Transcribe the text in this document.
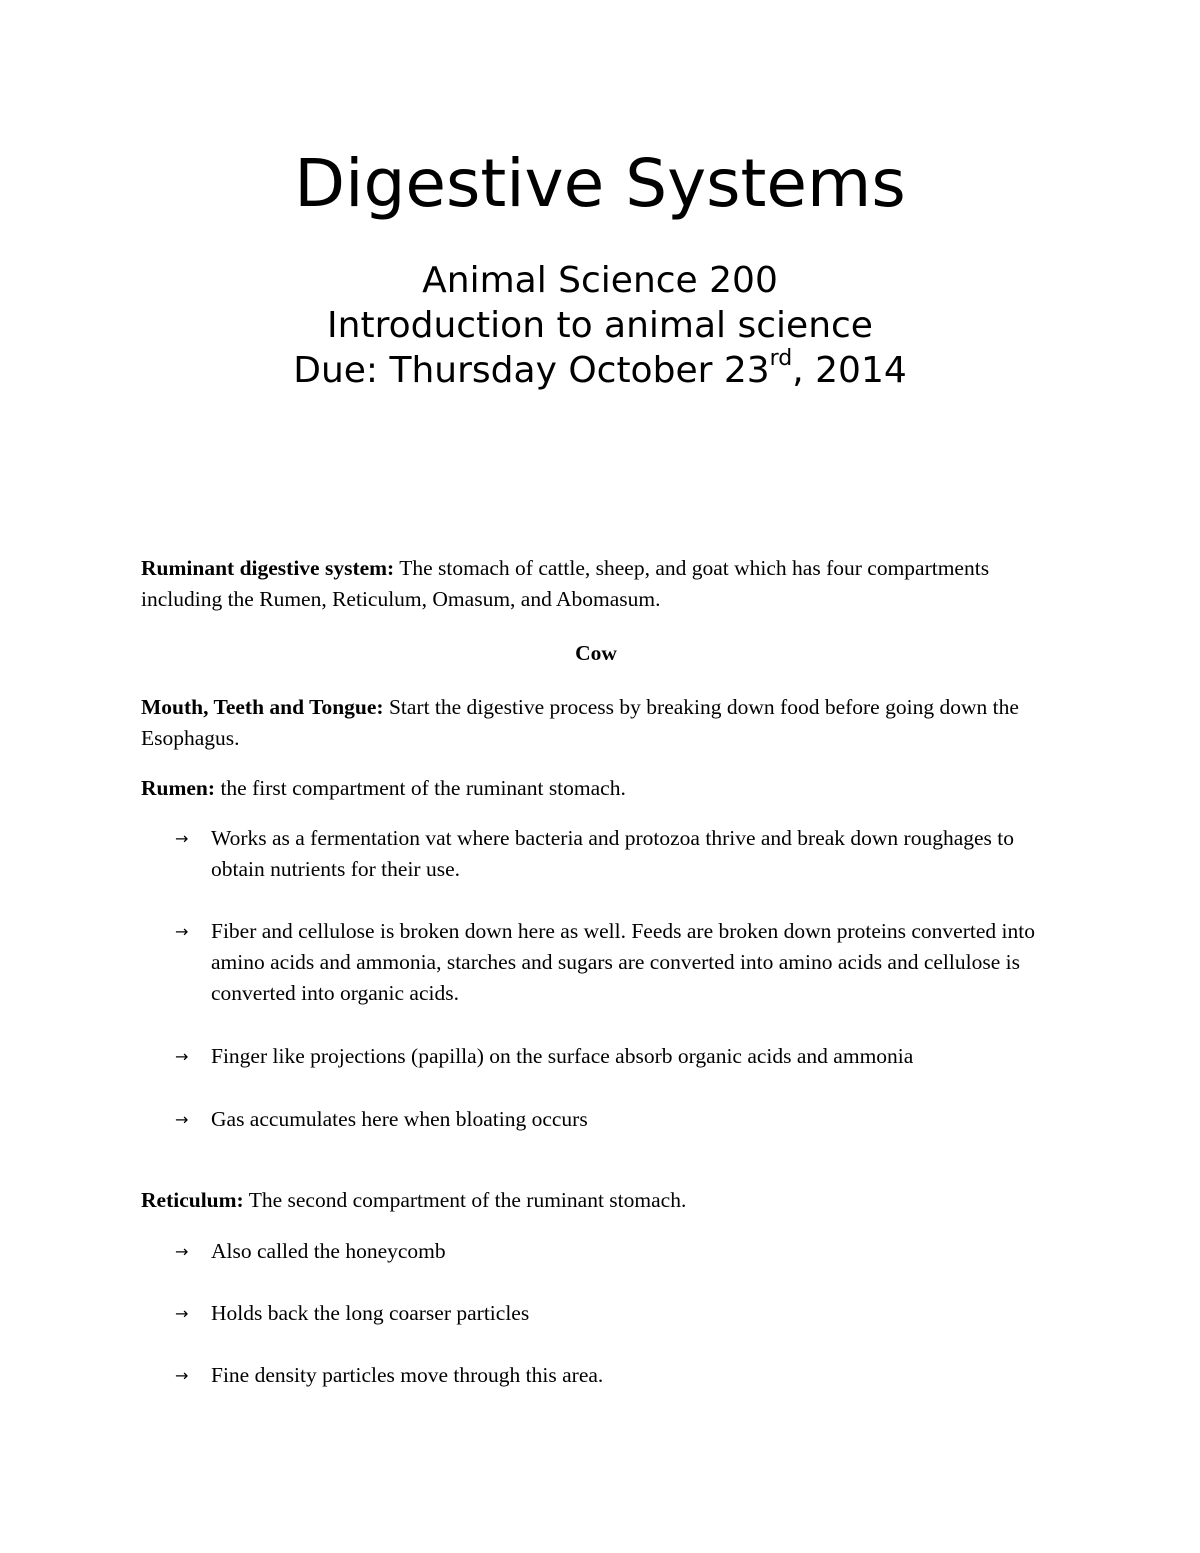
Digestive Systems
Animal Science 200
Introduction to animal science
Due: Thursday October 23rd, 2014

Ruminant digestive system: The stomach of cattle, sheep, and goat which has four compartments including the Rumen, Reticulum, Omasum, and Abomasum.

Cow

Mouth, Teeth and Tongue: Start the digestive process by breaking down food before going down the Esophagus.

Rumen: the first compartment of the ruminant stomach.

→ Works as a fermentation vat where bacteria and protozoa thrive and break down roughages to obtain nutrients for their use.

→ Fiber and cellulose is broken down here as well. Feeds are broken down proteins converted into amino acids and ammonia, starches and sugars are converted into amino acids and cellulose is converted into organic acids.

→ Finger like projections (papilla) on the surface absorb organic acids and ammonia

→ Gas accumulates here when bloating occurs

Reticulum: The second compartment of the ruminant stomach.

→ Also called the honeycomb

→ Holds back the long coarser particles

→ Fine density particles move through this area.
